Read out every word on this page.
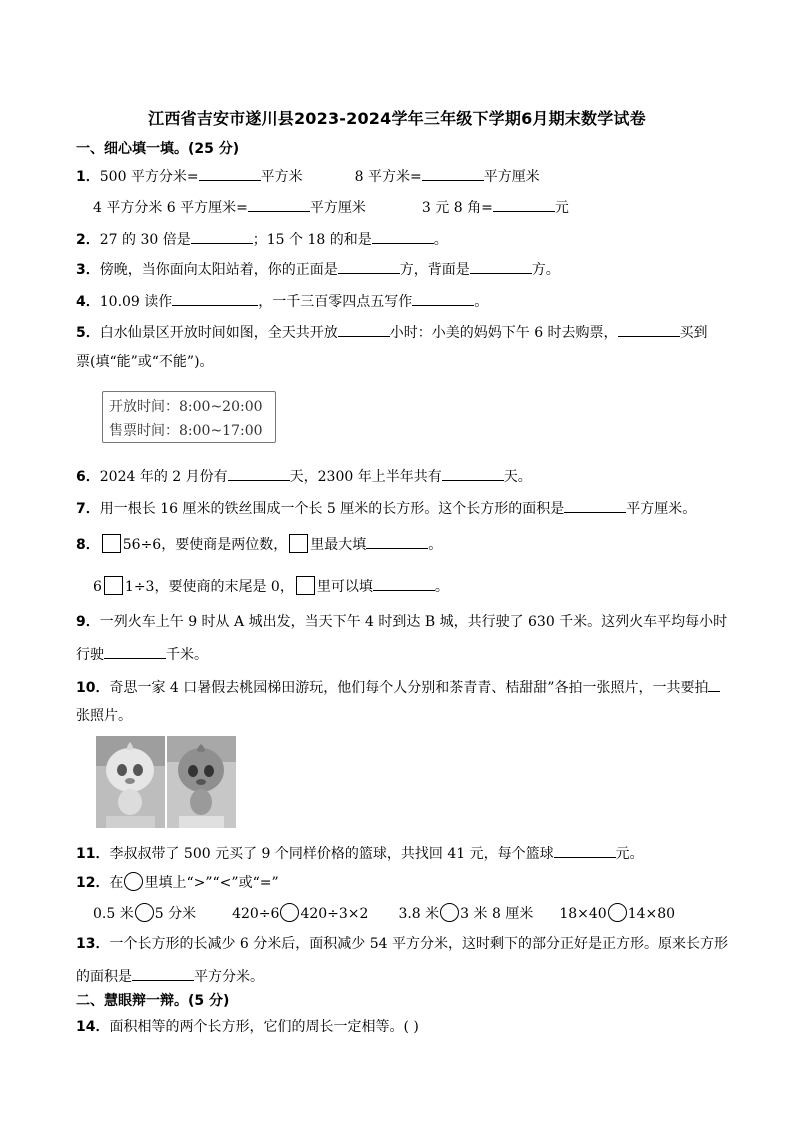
江西省吉安市遂川县2023-2024学年三年级下学期6月期末数学试卷
一、细心填一填。(25 分)
1．500 平方分米=	平方米	8 平方米=	平方厘米
4 平方分米 6 平方厘米=	平方厘米	3 元 8 角=	元
2．27 的 30 倍是	；15 个 18 的和是	。
3．傍晚，当你面向太阳站着，你的正面是	方，背面是	方。
4．10.09 读作	，一千三百零四点五写作	。
5．白水仙景区开放时间如图，全天共开放	小时：小美的妈妈下午 6 时去购票，	买到
票(填“能”或“不能”)。
开放时间：8:00~20:00
售票时间：8:00~17:00
6．2024 年的 2 月份有	天，2300 年上半年共有	天。
7．用一根长 16 厘米的铁丝围成一个长 5 厘米的长方形。这个长方形的面积是	平方厘米。
8． 56÷6，要使商是两位数， 里最大填	。
6 1÷3，要使商的末尾是 0， 里可以填	。
9．一列火车上午 9 时从 A 城出发，当天下午 4 时到达 B 城，共行驶了 630 千米。这列火车平均每小时
行驶	千米。
10．奇思一家 4 口暑假去桃园梯田游玩，他们每个人分别和茶青青、桔甜甜”各拍一张照片，一共要拍
张照片。
11．李叔叔带了 500 元买了 9 个同样价格的篮球，共找回 41 元，每个篮球	元。
12．在 里填上“>”“<”或“=”
0.5 米 5 分米	420÷6 420÷3×2 3.8 米 3 米 8 厘米 18×40 14×80
13．一个长方形的长减少 6 分米后，面积减少 54 平方分米，这时剩下的部分正好是正方形。原来长方形
的面积是	平方分米。
二、慧眼辩一辩。(5 分)
14．面积相等的两个长方形，它们的周长一定相等。( )
